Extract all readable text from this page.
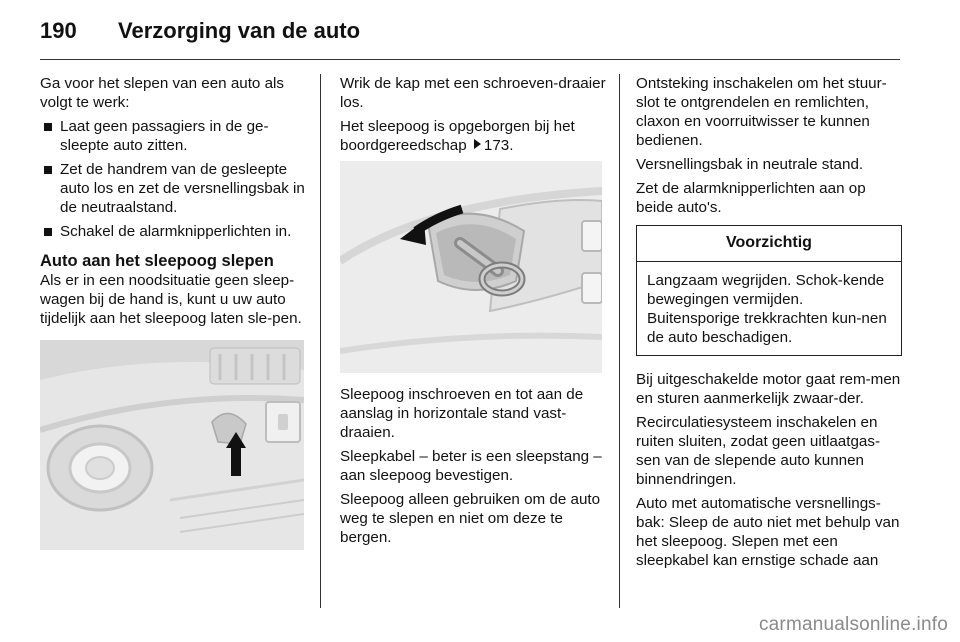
190 Verzorging van de auto

Ga voor het slepen van een auto als volgt te werk:

Laat geen passagiers in de ge-sleepte auto zitten.
Zet de handrem van de gesleepte auto los en zet de versnellingsbak in de neutraalstand.
Schakel de alarmknipperlichten in.
Auto aan het sleepoog slepen

Als er in een noodsituatie geen sleep-wagen bij de hand is, kunt u uw auto tijdelijk aan het sleepoog laten sle-pen.

Wrik de kap met een schroeven-draaier los.

Het sleepoog is opgeborgen bij het boordgereedschap 173.

Sleepoog inschroeven en tot aan de aanslag in horizontale stand vast-draaien.

Sleepkabel – beter is een sleepstang – aan sleepoog bevestigen.

Sleepoog alleen gebruiken om de auto weg te slepen en niet om deze te bergen.

Ontsteking inschakelen om het stuur-slot te ontgrendelen en remlichten, claxon en voorruitwisser te kunnen bedienen.

Versnellingsbak in neutrale stand.

Zet de alarmknipperlichten aan op beide auto's.

Voorzichtig
Langzaam wegrijden. Schok-kende bewegingen vermijden. Buitensporige trekkrachten kun-nen de auto beschadigen.

Bij uitgeschakelde motor gaat rem-men en sturen aanmerkelijk zwaar-der.

Recirculatiesysteem inschakelen en ruiten sluiten, zodat geen uitlaatgas-sen van de slepende auto kunnen binnendringen.

Auto met automatische versnellings-bak: Sleep de auto niet met behulp van het sleepoog. Slepen met een sleepkabel kan ernstige schade aan

carmanualsonline.info
